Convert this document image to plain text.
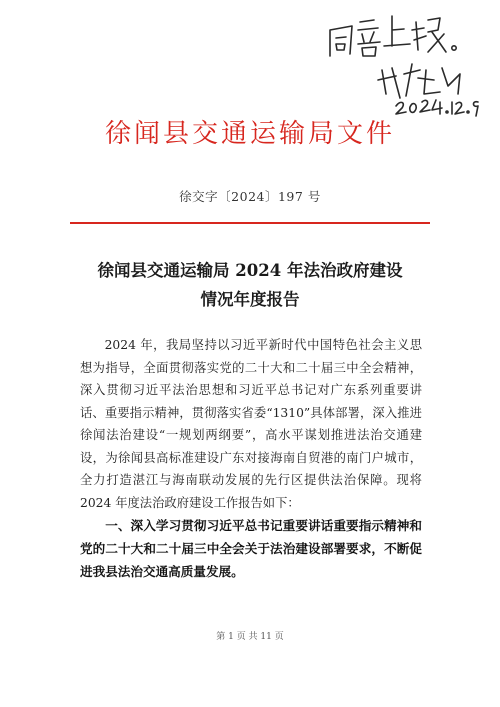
徐闻县交通运输局文件
徐交字〔2024〕197 号
徐闻县交通运输局 2024 年法治政府建设
情况年度报告

2024 年，我局坚持以习近平新时代中国特色社会主义思想为指导，全面贯彻落实党的二十大和二十届三中全会精神，深入贯彻习近平法治思想和习近平总书记对广东系列重要讲话、重要指示精神，贯彻落实省委“1310”具体部署，深入推进徐闻法治建设“一规划两纲要”，高水平谋划推进法治交通建设，为徐闻县高标准建设广东对接海南自贸港的南门户城市，全力打造湛江与海南联动发展的先行区提供法治保障。现将 2024 年度法治政府建设工作报告如下：

一、深入学习贯彻习近平总书记重要讲话重要指示精神和党的二十大和二十届三中全会关于法治建设部署要求，不断促进我县法治交通高质量发展。

第 1 页 共 11 页
